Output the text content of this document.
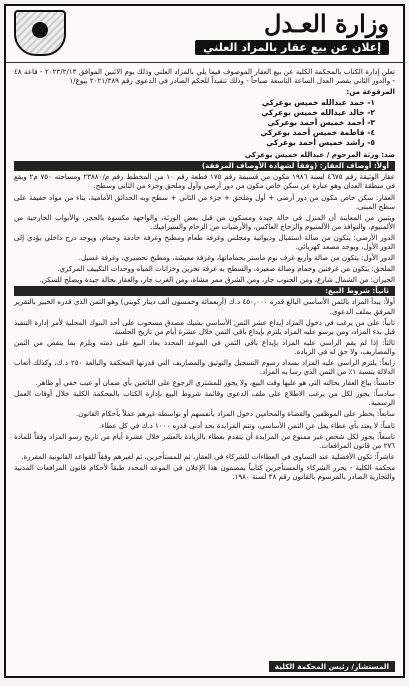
وزارة العـدل
إعلان عن بيع عقار بالمزاد العلني

تعلن إدارة الكتاب بالمحكمة الكلية عن بيع العقار الموصوف فيما يلي بالمزاد العلني وذلك يوم الاثنين الموافق ٢٠٢٣/٢/١٣ - قاعة ٤٨ - والدور الثاني بقصر العدل الساعة التاسعة صباحاً - وذلك تنفيذاً للحكم الصادر في الدعوى رقم ٢٠٢١/٣٨٩ بيوع/١

المرفوعة من:

١- حمد عبدالله خميس بوعركي
٢- خالد عبدالله خميس بوعركي
٣- أحمد خميس أحمد بوعركي
٤- فاطمة خميس أحمد بوعركي
٥- راشد خميس أحمد بوعركي

ضد: ورثة المرحوم / عبدالله خميس بوعركي

أولاً: أوصاف العقار: (وفقاً لشهادة الأوصاف المرفقة)

عقار الوثيقة رقم ٤٦٧٥ لسنة ١٩٨٦ مكون من قسيمة رقم ١٧٥ قطعة رقم ١٠ من المخطط رقم م/٢٣٨٨٠ ومساحته ٧٥٠ م٢ ويقع في منطقة العدان وهو عبارة عن سكن خاص مكون من دور أرضي وأول وملحق وجزء من الثاني وسطح.

العقار: سكن خاص مكون من دور أرضي + أول وملحق + جزء من الثاني + سطح وبه الحدائق الأمامية، بناء من مواد خفيفة على سطح المبنى.

ويتبين من المعاينة أن المنزل في حالة جيدة ومسكون من قبل بعض الورثة، والواجهة مكسوة بالحجر، والأبواب الخارجية من الألمنيوم، والنوافذ من الألمنيوم والزجاج العاكس، والأرضيات من الرخام والسيراميك.

الدور الأرضي: يتكون من صالة استقبال وديوانية ومجلس وغرفة طعام ومطبخ وغرفة خادمة وحمام، ويوجد درج داخلي يؤدي إلى الدور الأول، ويوجد مصعد كهربائي.

الدور الأول: يتكون من صالة وأربع غرف نوم ماستر بحماماتها، وغرفة معيشة، ومطبخ تحضيري، وغرفة غسيل.

الملحق: يتكون من غرفتين وحمام وصالة صغيرة، والسطح به غرفة تخزين وخزانات المياه ووحدات التكييف المركزي.

الجيران: من الشمال شارع، ومن الجنوب جار، ومن الشرق ممر مشاة، ومن الغرب جار، والعقار بحالة جيدة ويصلح للسكن.

ثانياً: شروط البيع:

أولاً: يبدأ المزاد بالثمن الأساسي البالغ قدره ٤٥٠,٠٠٠ د.ك (أربعمائة وخمسون ألف دينار كويتي) وهو الثمن الذي قدره الخبير بالتقرير المرفق بملف الدعوى.

ثانياً: على من يرغب في دخول المزاد إيداع عشر الثمن الأساسي بشيك مصدق مسحوب على أحد البنوك المحلية لأمر إدارة التنفيذ قبل بدء المزاد، ومن يرسو عليه المزاد يلتزم بإيداع باقي الثمن خلال عشرة أيام من تاريخ الجلسة.

ثالثاً: إذا لم يقم الراسي عليه المزاد بإيداع باقي الثمن في الموعد المحدد يعاد البيع على ذمته ويلزم بما ينقص من الثمن والمصاريف، ولا حق له في الزيادة.

رابعاً: يلتزم الراسي عليه المزاد بسداد رسوم التسجيل والتوثيق والمصاريف التي قدرتها المحكمة والبالغة ٢٥٠ د.ك، وكذلك أتعاب الدلالة بنسبة ١٪ من الثمن الذي رسا به المزاد.

خامساً: يباع العقار بحالته التي هو عليها وقت البيع، ولا يجوز للمشتري الرجوع على البائعين بأي ضمان أو عيب خفي أو ظاهر.

سادساً: يجوز لكل من يرغب الاطلاع على ملف الدعوى وقائمة شروط البيع بإدارة الكتاب بالمحكمة الكلية خلال أوقات العمل الرسمية.

سابعاً: يحظر على الموظفين والقضاة والمحامين دخول المزاد بأنفسهم أو بواسطة غيرهم عملاً بأحكام القانون.

ثامناً: لا يعتد بأي عطاء يقل عن الثمن الأساسي، وتتم المزايدة بحد أدنى قدره ١٠٠٠ د.ك في كل عطاء.

تاسعاً: يجوز لكل شخص غير ممنوع من المزايدة أن يتقدم بعطاء بالزيادة بالعشر خلال عشرة أيام من تاريخ رسو المزاد وفقاً للمادة ٢٧٦ من قانون المرافعات.

عاشراً: تكون الأفضلية عند التساوي في العطاءات للشركاء في العقار، ثم للمستأجرين، ثم لغيرهم وفقاً للقواعد القانونية المقررة.

محكمة الكلية - يحرر الشركاء والمستأجرين كتابياً بمضمون هذا الإعلان في الموعد المحدد طبقاً لأحكام قانون المرافعات المدنية والتجارية الصادر بالمرسوم بالقانون رقم ٣٨ لسنة ١٩٨٠.

المستشار/ رئيس المحكمة الكلية
